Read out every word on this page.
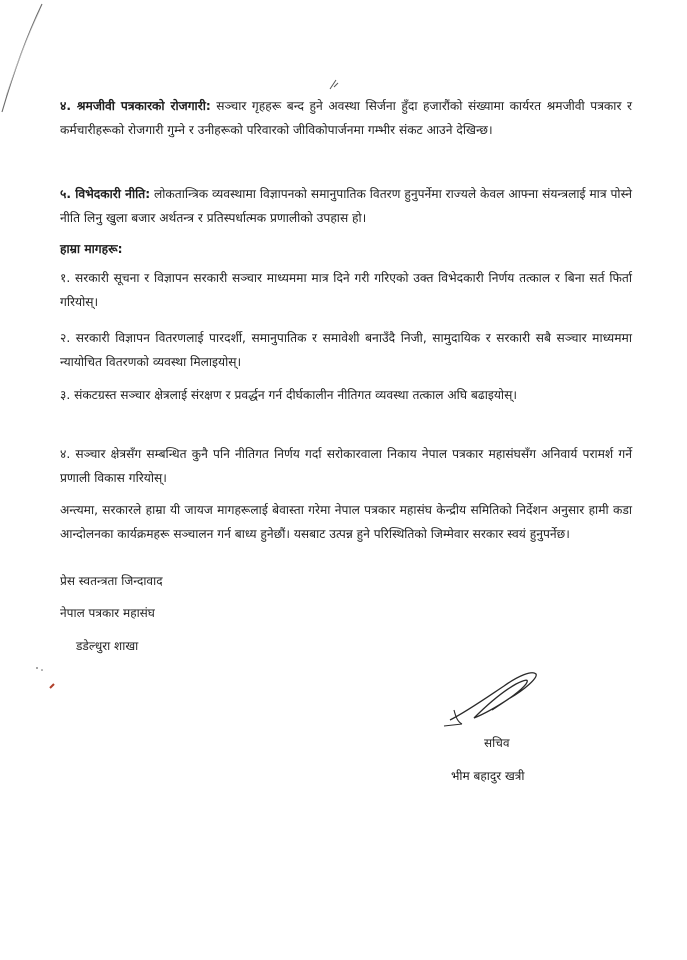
४. श्रमजीवी पत्रकारको रोजगारी: सञ्चार गृहहरू बन्द हुने अवस्था सिर्जना हुँदा हजारौंको संख्यामा कार्यरत श्रमजीवी पत्रकार र कर्मचारीहरूको रोजगारी गुम्ने र उनीहरूको परिवारको जीविकोपार्जनमा गम्भीर संकट आउने देखिन्छ।
५. विभेदकारी नीति: लोकतान्त्रिक व्यवस्थामा विज्ञापनको समानुपातिक वितरण हुनुपर्नेमा राज्यले केवल आफ्ना संयन्त्रलाई मात्र पोस्ने नीति लिनु खुला बजार अर्थतन्त्र र प्रतिस्पर्धात्मक प्रणालीको उपहास हो।
हाम्रा मागहरू:
१. सरकारी सूचना र विज्ञापन सरकारी सञ्चार माध्यममा मात्र दिने गरी गरिएको उक्त विभेदकारी निर्णय तत्काल र बिना सर्त फिर्ता गरियोस्।
२. सरकारी विज्ञापन वितरणलाई पारदर्शी, समानुपातिक र समावेशी बनाउँदै निजी, सामुदायिक र सरकारी सबै सञ्चार माध्यममा न्यायोचित वितरणको व्यवस्था मिलाइयोस्।
३. संकटग्रस्त सञ्चार क्षेत्रलाई संरक्षण र प्रवर्द्धन गर्न दीर्घकालीन नीतिगत व्यवस्था तत्काल अघि बढाइयोस्।
४. सञ्चार क्षेत्रसँग सम्बन्धित कुनै पनि नीतिगत निर्णय गर्दा सरोकारवाला निकाय नेपाल पत्रकार महासंघसँग अनिवार्य परामर्श गर्ने प्रणाली विकास गरियोस्।
अन्त्यमा, सरकारले हाम्रा यी जायज मागहरूलाई बेवास्ता गरेमा नेपाल पत्रकार महासंघ केन्द्रीय समितिको निर्देशन अनुसार हामी कडा आन्दोलनका कार्यक्रमहरू सञ्चालन गर्न बाध्य हुनेछौं। यसबाट उत्पन्न हुने परिस्थितिको जिम्मेवार सरकार स्वयं हुनुपर्नेछ।
प्रेस स्वतन्त्रता जिन्दावाद
नेपाल पत्रकार महासंघ
डडेल्धुरा शाखा
सचिव
भीम बहादुर खत्री
